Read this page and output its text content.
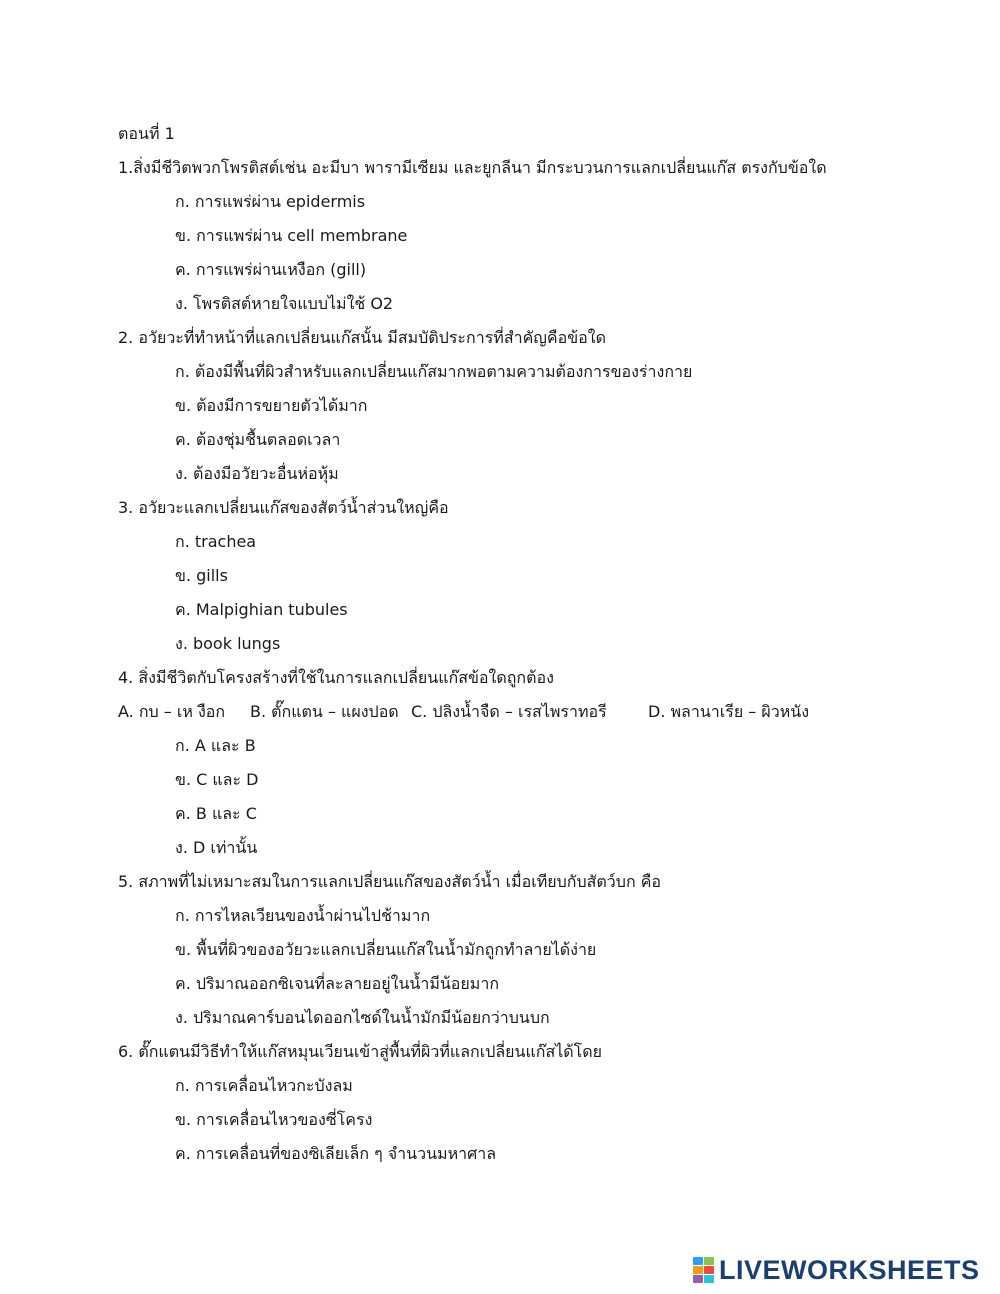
ตอนที่ 1
1.สิ่งมีชีวิตพวกโพรติสต์เช่น อะมีบา พารามีเซียม และยูกลีนา มีกระบวนการแลกเปลี่ยนแก๊ส ตรงกับข้อใด
ก. การแพร่ผ่าน epidermis
ข. การแพร่ผ่าน cell membrane
ค. การแพร่ผ่านเหงือก (gill)
ง. โพรติสต์หายใจแบบไม่ใช้ O2
2. อวัยวะที่ทำหน้าที่แลกเปลี่ยนแก๊สนั้น มีสมบัติประการที่สำคัญคือข้อใด
ก. ต้องมีพื้นที่ผิวสำหรับแลกเปลี่ยนแก๊สมากพอตามความต้องการของร่างกาย
ข. ต้องมีการขยายตัวได้มาก
ค. ต้องชุ่มชื้นตลอดเวลา
ง. ต้องมีอวัยวะอื่นห่อหุ้ม
3. อวัยวะแลกเปลี่ยนแก๊สของสัตว์น้ำส่วนใหญ่คือ
ก. trachea
ข. gills
ค. Malpighian tubules
ง. book lungs
4. สิ่งมีชีวิตกับโครงสร้างที่ใช้ในการแลกเปลี่ยนแก๊สข้อใดถูกต้อง
A. กบ – เห งือก B. ตั๊กแตน – แผงปอด C. ปลิงน้ำจืด – เรสไพราทอรี	D. พลานาเรีย – ผิวหนัง
ก. A และ B
ข. C และ D
ค. B และ C
ง. D เท่านั้น
5. สภาพที่ไม่เหมาะสมในการแลกเปลี่ยนแก๊สของสัตว์น้ำ เมื่อเทียบกับสัตว์บก คือ
ก. การไหลเวียนของน้ำผ่านไปช้ามาก
ข. พื้นที่ผิวของอวัยวะแลกเปลี่ยนแก๊สในน้ำมักถูกทำลายได้ง่าย
ค. ปริมาณออกซิเจนที่ละลายอยู่ในน้ำมีน้อยมาก
ง. ปริมาณคาร์บอนไดออกไซด์ในน้ำมักมีน้อยกว่าบนบก
6. ตั๊กแตนมีวิธีทำให้แก๊สหมุนเวียนเข้าสู่พื้นที่ผิวที่แลกเปลี่ยนแก๊สได้โดย
ก. การเคลื่อนไหวกะบังลม
ข. การเคลื่อนไหวของซี่โครง
ค. การเคลื่อนที่ของซิเลียเล็ก ๆ จำนวนมหาศาล
LIVEWORKSHEETS
